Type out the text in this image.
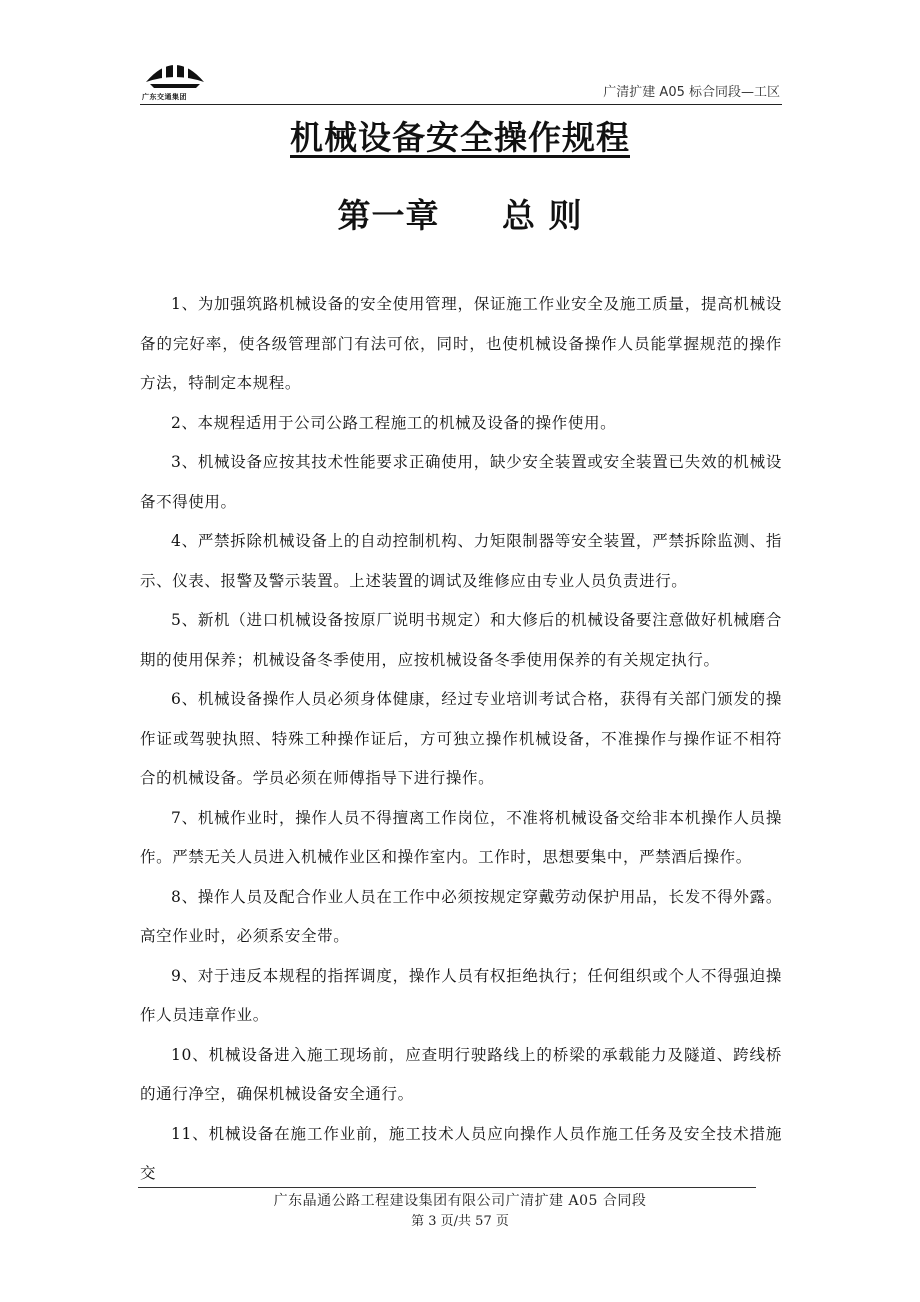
广东交通集团	广清扩建 A05 标合同段—工区
机械设备安全操作规程
第一章 总 则

1、为加强筑路机械设备的安全使用管理，保证施工作业安全及施工质量，提高机械设备的完好率，使各级管理部门有法可依，同时，也使机械设备操作人员能掌握规范的操作方法，特制定本规程。

2、本规程适用于公司公路工程施工的机械及设备的操作使用。

3、机械设备应按其技术性能要求正确使用，缺少安全装置或安全装置已失效的机械设备不得使用。

4、严禁拆除机械设备上的自动控制机构、力矩限制器等安全装置，严禁拆除监测、指示、仪表、报警及警示装置。上述装置的调试及维修应由专业人员负责进行。

5、新机（进口机械设备按原厂说明书规定）和大修后的机械设备要注意做好机械磨合期的使用保养；机械设备冬季使用，应按机械设备冬季使用保养的有关规定执行。

6、机械设备操作人员必须身体健康，经过专业培训考试合格，获得有关部门颁发的操作证或驾驶执照、特殊工种操作证后，方可独立操作机械设备，不准操作与操作证不相符合的机械设备。学员必须在师傅指导下进行操作。

7、机械作业时，操作人员不得擅离工作岗位，不准将机械设备交给非本机操作人员操作。严禁无关人员进入机械作业区和操作室内。工作时，思想要集中，严禁酒后操作。

8、操作人员及配合作业人员在工作中必须按规定穿戴劳动保护用品，长发不得外露。高空作业时，必须系安全带。

9、对于违反本规程的指挥调度，操作人员有权拒绝执行；任何组织或个人不得强迫操作人员违章作业。

10、机械设备进入施工现场前，应查明行驶路线上的桥梁的承载能力及隧道、跨线桥的通行净空，确保机械设备安全通行。

11、机械设备在施工作业前，施工技术人员应向操作人员作施工任务及安全技术措施交

广东晶通公路工程建设集团有限公司广清扩建 A05 合同段
第 3 页/共 57 页
